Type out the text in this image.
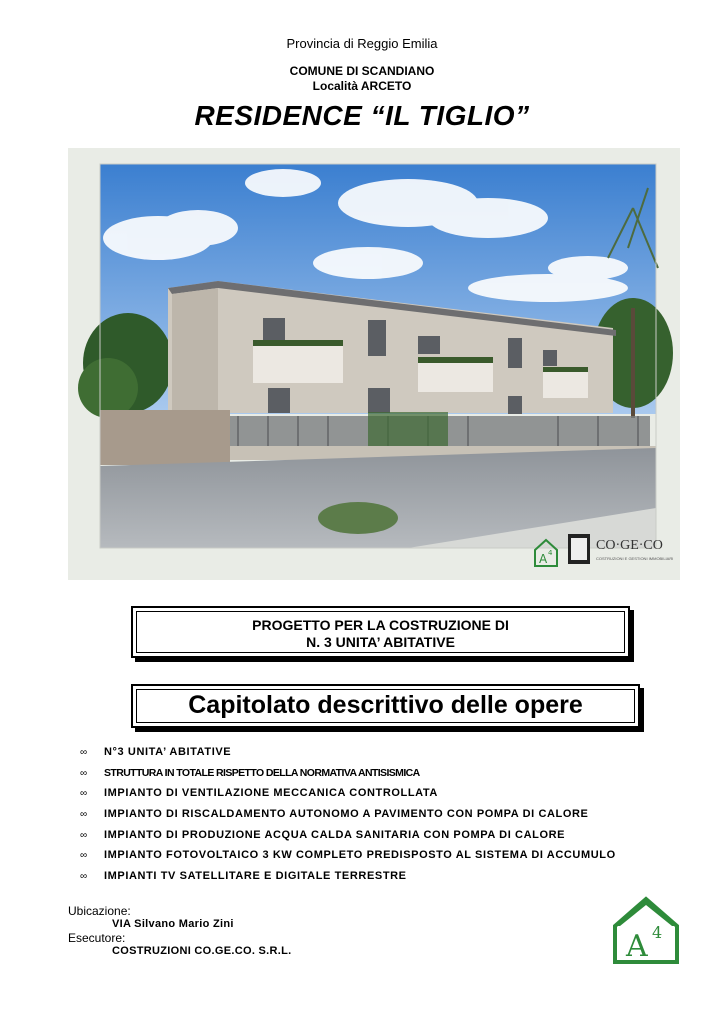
Provincia di Reggio Emilia
COMUNE DI SCANDIANO
Località ARCETO
RESIDENCE “IL TIGLIO”
A 4	CO·GE·CO
COSTRUZIONI E GESTIONI IMMOBILIARI
PROGETTO PER LA COSTRUZIONE DI
N. 3 UNITA’ ABITATIVE
Capitolato descrittivo delle opere
∞ N°3 UNITA’ ABITATIVE
∞ STRUTTURA IN TOTALE RISPETTO DELLA NORMATIVA ANTISISMICA
∞ IMPIANTO DI VENTILAZIONE MECCANICA CONTROLLATA
∞ IMPIANTO DI RISCALDAMENTO AUTONOMO A PAVIMENTO CON POMPA DI CALORE
∞ IMPIANTO DI PRODUZIONE ACQUA CALDA SANITARIA CON POMPA DI CALORE
∞ IMPIANTO FOTOVOLTAICO 3 KW COMPLETO PREDISPOSTO AL SISTEMA DI ACCUMULO
∞ IMPIANTI TV SATELLITARE E DIGITALE TERRESTRE
Ubicazione:
VIA Silvano Mario Zini
Esecutore:
COSTRUZIONI CO.GE.CO. S.R.L.	A 4
